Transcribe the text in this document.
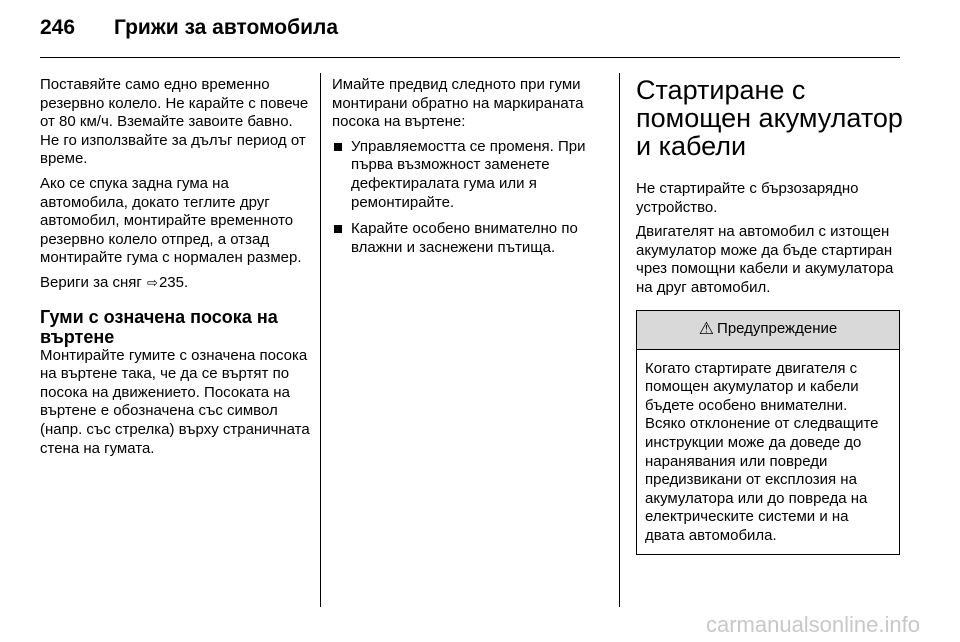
246 Грижи за автомобила

Поставяйте само едно временно резервно колело. Не карайте с повече от 80 км/ч. Вземайте завоите бавно. Не го използвайте за дълъг период от време.

Ако се спука задна гума на автомобила, докато теглите друг автомобил, монтирайте временното резервно колело отпред, а отзад монтирайте гума с нормален размер.

Вериги за сняг ⇨235.

Гуми с означена посока на въртене

Монтирайте гумите с означена посока на въртене така, че да се въртят по посока на движението. Посоката на въртене е обозначена със символ (напр. със стрелка) върху страничната стена на гумата.

Имайте предвид следното при гуми монтирани обратно на маркираната посока на въртене:

Управляемостта се променя. При първа възможност заменете дефектиралата гума или я ремонтирайте.
Карайте особено внимателно по влажни и заснежени пътища.
Стартиране с помощен акумулатор и кабели

Не стартирайте с бързозарядно устройство.

Двигателят на автомобил с изтощен акумулатор може да бъде стартиран чрез помощни кабели и акумулатора на друг автомобил.

⚠ Предупреждение
Когато стартирате двигателя с помощен акумулатор и кабели бъдете особено внимателни. Всяко отклонение от следващите инструкции може да доведе до наранявания или повреди предизвикани от експлозия на акумулатора или до повреда на електрическите системи и на двата автомобила.
carmanualsonline.info
